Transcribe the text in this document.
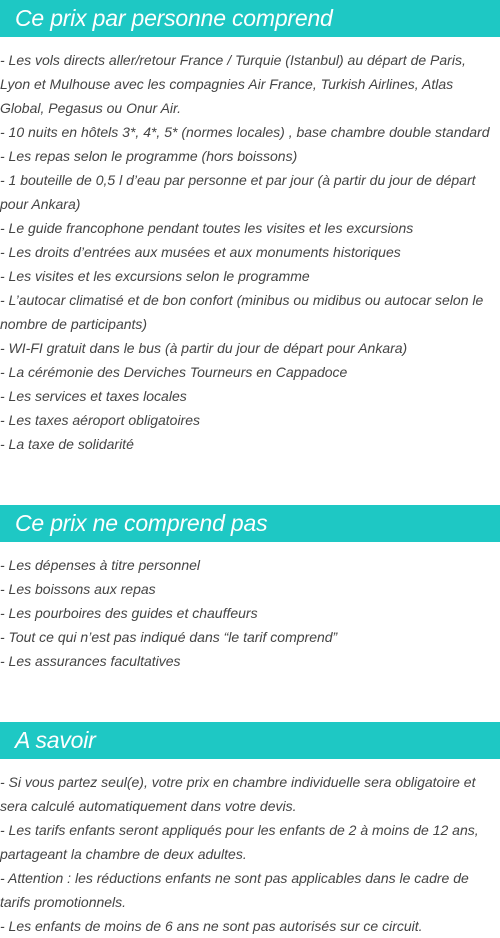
Ce prix par personne comprend
- Les vols directs aller/retour France / Turquie (Istanbul) au départ de Paris, Lyon et Mulhouse avec les compagnies Air France, Turkish Airlines, Atlas Global, Pegasus ou Onur Air.
- 10 nuits en hôtels 3*, 4*, 5* (normes locales) , base chambre double standard
- Les repas selon le programme (hors boissons)
- 1 bouteille de 0,5 l d’eau par personne et par jour (à partir du jour de départ pour Ankara)
- Le guide francophone pendant toutes les visites et les excursions
- Les droits d’entrées aux musées et aux monuments historiques
- Les visites et les excursions selon le programme
- L’autocar climatisé et de bon confort (minibus ou midibus ou autocar selon le nombre de participants)
- WI-FI gratuit dans le bus (à partir du jour de départ pour Ankara)
- La cérémonie des Derviches Tourneurs en Cappadoce
- Les services et taxes locales
- Les taxes aéroport obligatoires
- La taxe de solidarité
Ce prix ne comprend pas
- Les dépenses à titre personnel
- Les boissons aux repas
- Les pourboires des guides et chauffeurs
- Tout ce qui n’est pas indiqué dans “le tarif comprend”
- Les assurances facultatives
A savoir
- Si vous partez seul(e), votre prix en chambre individuelle sera obligatoire et sera calculé automatiquement dans votre devis.
- Les tarifs enfants seront appliqués pour les enfants de 2 à moins de 12 ans, partageant la chambre de deux adultes.
- Attention : les réductions enfants ne sont pas applicables dans le cadre de tarifs promotionnels.
- Les enfants de moins de 6 ans ne sont pas autorisés sur ce circuit.
